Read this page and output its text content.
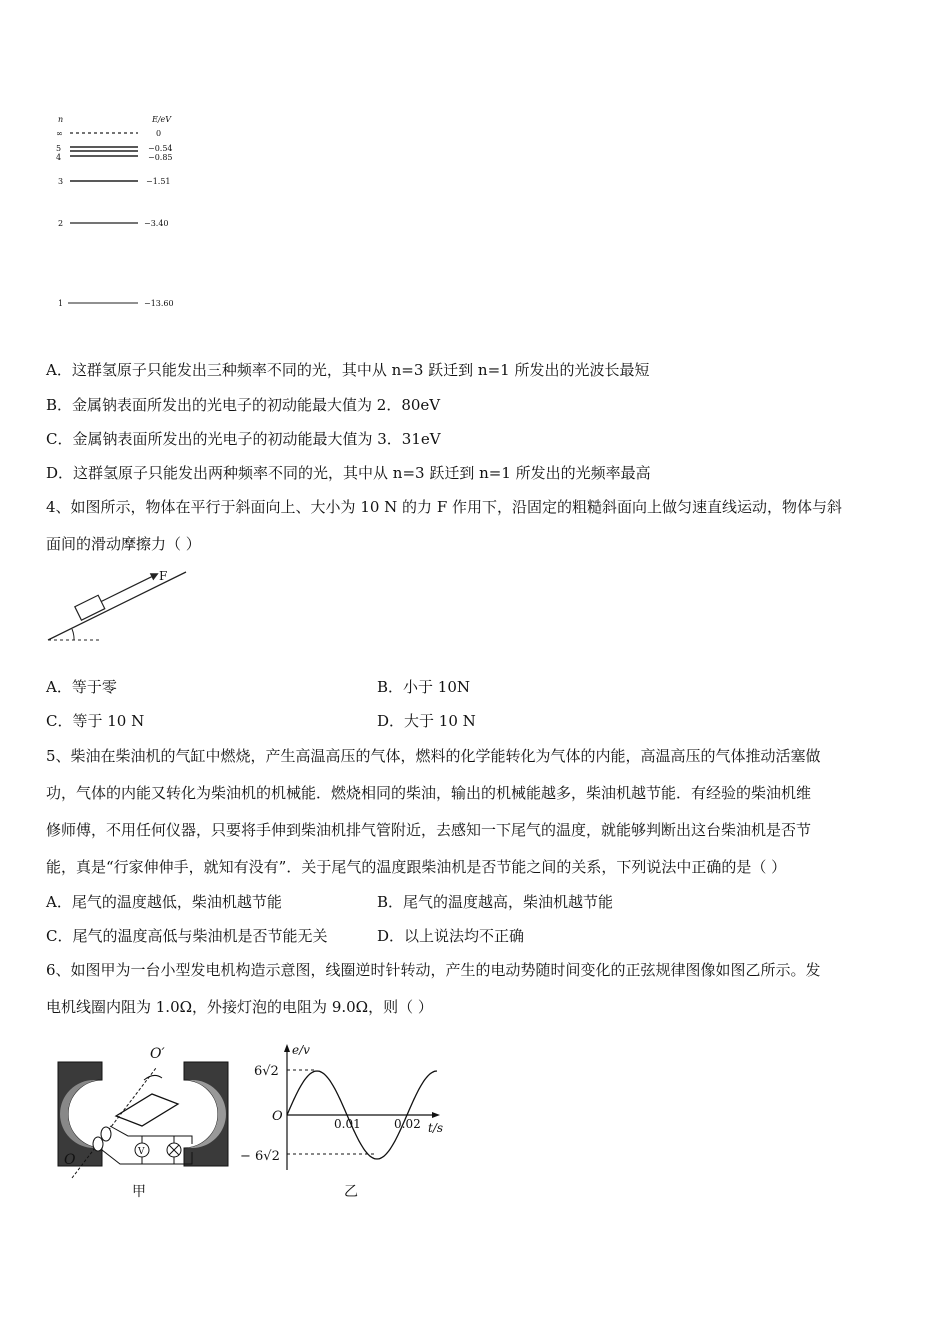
n	E/eV
∞	0
5	−0.54
4	−0.85
3	−1.51
2	−3.40
1	−13.60
A．这群氢原子只能发出三种频率不同的光，其中从 n=3 跃迁到 n=1 所发出的光波长最短
B．金属钠表面所发出的光电子的初动能最大值为 2．80eV
C．金属钠表面所发出的光电子的初动能最大值为 3．31eV
D．这群氢原子只能发出两种频率不同的光，其中从 n=3 跃迁到 n=1 所发出的光频率最高
4、如图所示，物体在平行于斜面向上、大小为 10 N 的力 F 作用下，沿固定的粗糙斜面向上做匀速直线运动，物体与斜
面间的滑动摩擦力（ ）
F
A．等于零	B．小于 10N
C．等于 10 N	D．大于 10 N
5、柴油在柴油机的气缸中燃烧，产生高温高压的气体，燃料的化学能转化为气体的内能，高温高压的气体推动活塞做
功，气体的内能又转化为柴油机的机械能．燃烧相同的柴油，输出的机械能越多，柴油机越节能．有经验的柴油机维
修师傅，不用任何仪器，只要将手伸到柴油机排气管附近，去感知一下尾气的温度，就能够判断出这台柴油机是否节
能，真是“行家伸伸手，就知有没有”．关于尾气的温度跟柴油机是否节能之间的关系，下列说法中正确的是（ ）
A．尾气的温度越低，柴油机越节能	B．尾气的温度越高，柴油机越节能
C．尾气的温度高低与柴油机是否节能无关	D．以上说法均不正确
6、如图甲为一台小型发电机构造示意图，线圈逆时针转动，产生的电动势随时间变化的正弦规律图像如图乙所示。发
电机线圈内阻为 1.0Ω，外接灯泡的电阻为 9.0Ω，则（ ）
O′
O	V
甲
e/v
t/s
O
6√2
− 6√2
0.01	0.02
乙
